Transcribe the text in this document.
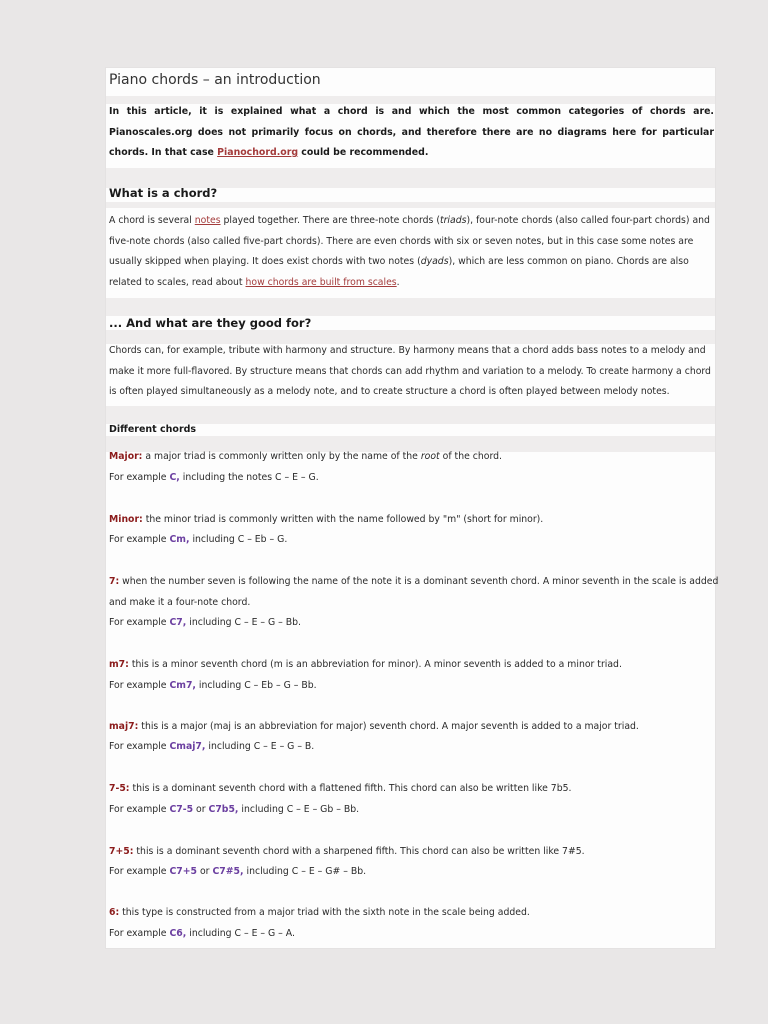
Piano chords – an introduction
In this article, it is explained what a chord is and which the most common categories of chords are. Pianoscales.org does not primarily focus on chords, and therefore there are no diagrams here for particular chords. In that case Pianochord.org could be recommended.
What is a chord?
A chord is several notes played together. There are three-note chords (triads), four-note chords (also called four-part chords) and five-note chords (also called five-part chords). There are even chords with six or seven notes, but in this case some notes are usually skipped when playing. It does exist chords with two notes (dyads), which are less common on piano. Chords are also related to scales, read about how chords are built from scales.
... And what are they good for?
Chords can, for example, tribute with harmony and structure. By harmony means that a chord adds bass notes to a melody and make it more full-flavored. By structure means that chords can add rhythm and variation to a melody. To create harmony a chord is often played simultaneously as a melody note, and to create structure a chord is often played between melody notes.
Different chords
Major: a major triad is commonly written only by the name of the root of the chord.
For example C, including the notes C – E – G.
Minor: the minor triad is commonly written with the name followed by "m" (short for minor).
For example Cm, including C – Eb – G.
7: when the number seven is following the name of the note it is a dominant seventh chord. A minor seventh in the scale is added
and make it a four-note chord.
For example C7, including C – E – G – Bb.
m7: this is a minor seventh chord (m is an abbreviation for minor). A minor seventh is added to a minor triad.
For example Cm7, including C – Eb – G – Bb.
maj7: this is a major (maj is an abbreviation for major) seventh chord. A major seventh is added to a major triad.
For example Cmaj7, including C – E – G – B.
7-5: this is a dominant seventh chord with a flattened fifth. This chord can also be written like 7b5.
For example C7-5 or C7b5, including C – E – Gb – Bb.
7+5: this is a dominant seventh chord with a sharpened fifth. This chord can also be written like 7#5.
For example C7+5 or C7#5, including C – E – G# – Bb.
6: this type is constructed from a major triad with the sixth note in the scale being added.
For example C6, including C – E – G – A.
